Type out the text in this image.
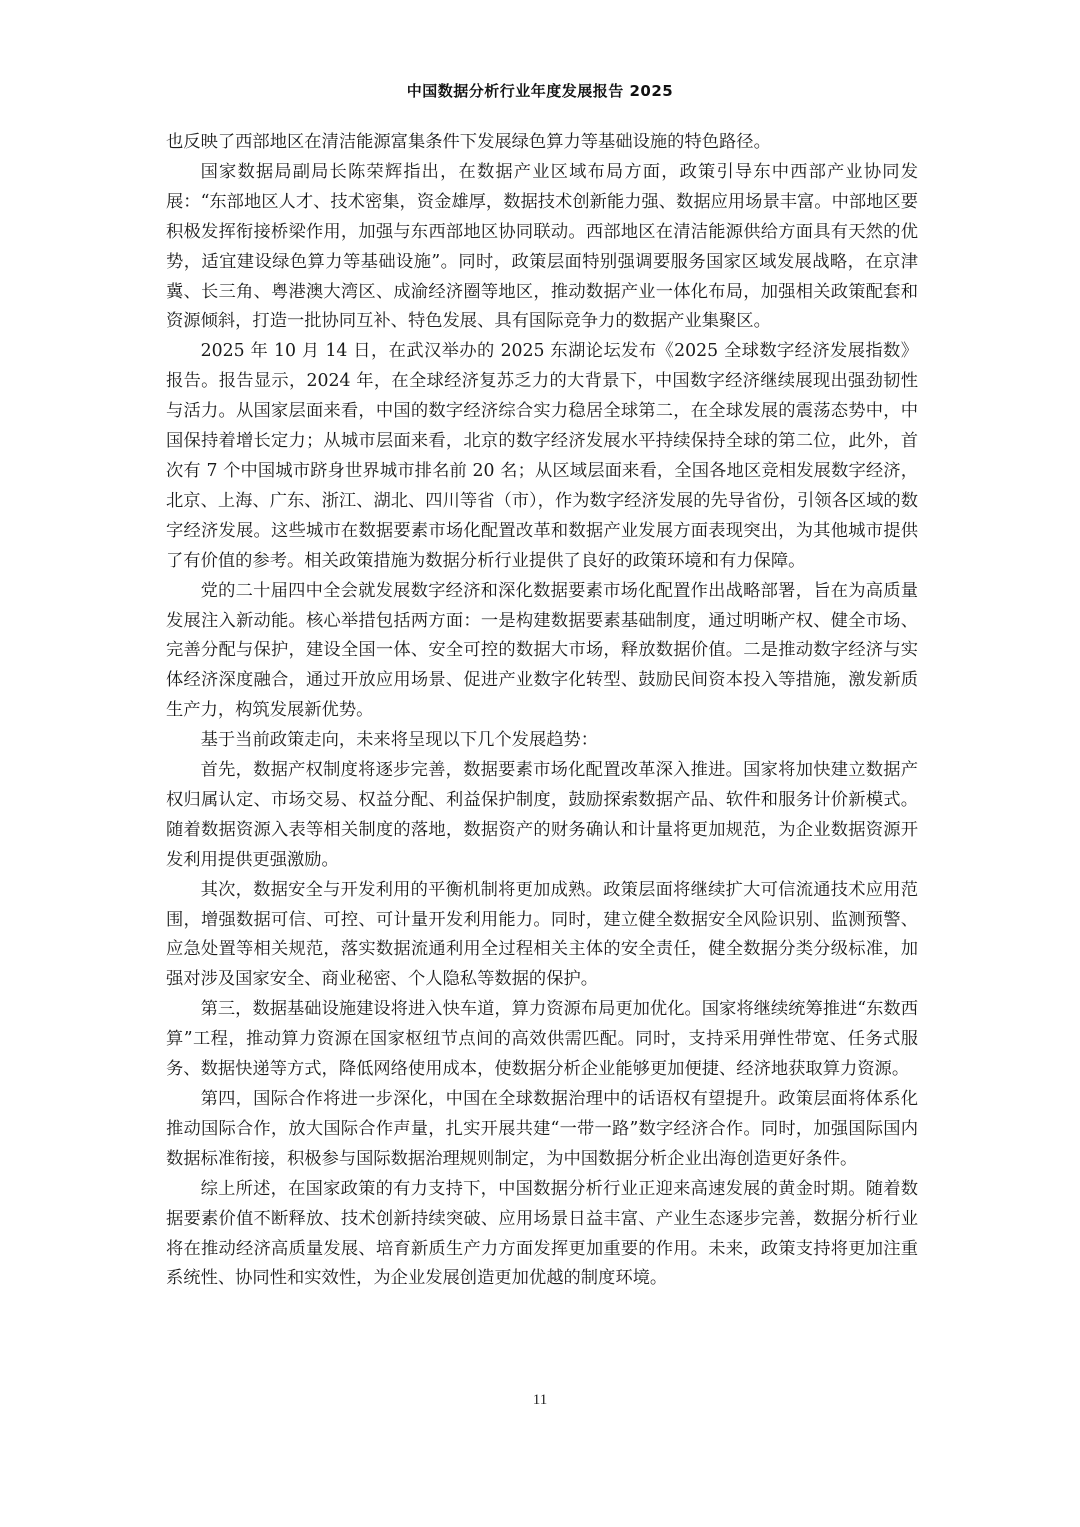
中国数据分析行业年度发展报告 2025

也反映了西部地区在清洁能源富集条件下发展绿色算力等基础设施的特色路径。

国家数据局副局长陈荣辉指出，在数据产业区域布局方面，政策引导东中西部产业协同发展：“东部地区人才、技术密集，资金雄厚，数据技术创新能力强、数据应用场景丰富。中部地区要积极发挥衔接桥梁作用，加强与东西部地区协同联动。西部地区在清洁能源供给方面具有天然的优势，适宜建设绿色算力等基础设施”。同时，政策层面特别强调要服务国家区域发展战略，在京津冀、长三角、粤港澳大湾区、成渝经济圈等地区，推动数据产业一体化布局，加强相关政策配套和资源倾斜，打造一批协同互补、特色发展、具有国际竞争力的数据产业集聚区。

2025 年 10 月 14 日，在武汉举办的 2025 东湖论坛发布《2025 全球数字经济发展指数》报告。报告显示，2024 年，在全球经济复苏乏力的大背景下，中国数字经济继续展现出强劲韧性与活力。从国家层面来看，中国的数字经济综合实力稳居全球第二，在全球发展的震荡态势中，中国保持着增长定力；从城市层面来看，北京的数字经济发展水平持续保持全球的第二位，此外，首次有 7 个中国城市跻身世界城市排名前 20 名；从区域层面来看，全国各地区竞相发展数字经济，北京、上海、广东、浙江、湖北、四川等省（市），作为数字经济发展的先导省份，引领各区域的数字经济发展。这些城市在数据要素市场化配置改革和数据产业发展方面表现突出，为其他城市提供了有价值的参考。相关政策措施为数据分析行业提供了良好的政策环境和有力保障。

党的二十届四中全会就发展数字经济和深化数据要素市场化配置作出战略部署，旨在为高质量发展注入新动能。核心举措包括两方面：一是构建数据要素基础制度，通过明晰产权、健全市场、完善分配与保护，建设全国一体、安全可控的数据大市场，释放数据价值。二是推动数字经济与实体经济深度融合，通过开放应用场景、促进产业数字化转型、鼓励民间资本投入等措施，激发新质生产力，构筑发展新优势。

基于当前政策走向，未来将呈现以下几个发展趋势：

首先，数据产权制度将逐步完善，数据要素市场化配置改革深入推进。国家将加快建立数据产权归属认定、市场交易、权益分配、利益保护制度，鼓励探索数据产品、软件和服务计价新模式。随着数据资源入表等相关制度的落地，数据资产的财务确认和计量将更加规范，为企业数据资源开发利用提供更强激励。

其次，数据安全与开发利用的平衡机制将更加成熟。政策层面将继续扩大可信流通技术应用范围，增强数据可信、可控、可计量开发利用能力。同时，建立健全数据安全风险识别、监测预警、应急处置等相关规范，落实数据流通利用全过程相关主体的安全责任，健全数据分类分级标准，加强对涉及国家安全、商业秘密、个人隐私等数据的保护。

第三，数据基础设施建设将进入快车道，算力资源布局更加优化。国家将继续统筹推进“东数西算”工程，推动算力资源在国家枢纽节点间的高效供需匹配。同时，支持采用弹性带宽、任务式服务、数据快递等方式，降低网络使用成本，使数据分析企业能够更加便捷、经济地获取算力资源。

第四，国际合作将进一步深化，中国在全球数据治理中的话语权有望提升。政策层面将体系化推动国际合作，放大国际合作声量，扎实开展共建“一带一路”数字经济合作。同时，加强国际国内数据标准衔接，积极参与国际数据治理规则制定，为中国数据分析企业出海创造更好条件。

综上所述，在国家政策的有力支持下，中国数据分析行业正迎来高速发展的黄金时期。随着数据要素价值不断释放、技术创新持续突破、应用场景日益丰富、产业生态逐步完善，数据分析行业将在推动经济高质量发展、培育新质生产力方面发挥更加重要的作用。未来，政策支持将更加注重系统性、协同性和实效性，为企业发展创造更加优越的制度环境。

11
